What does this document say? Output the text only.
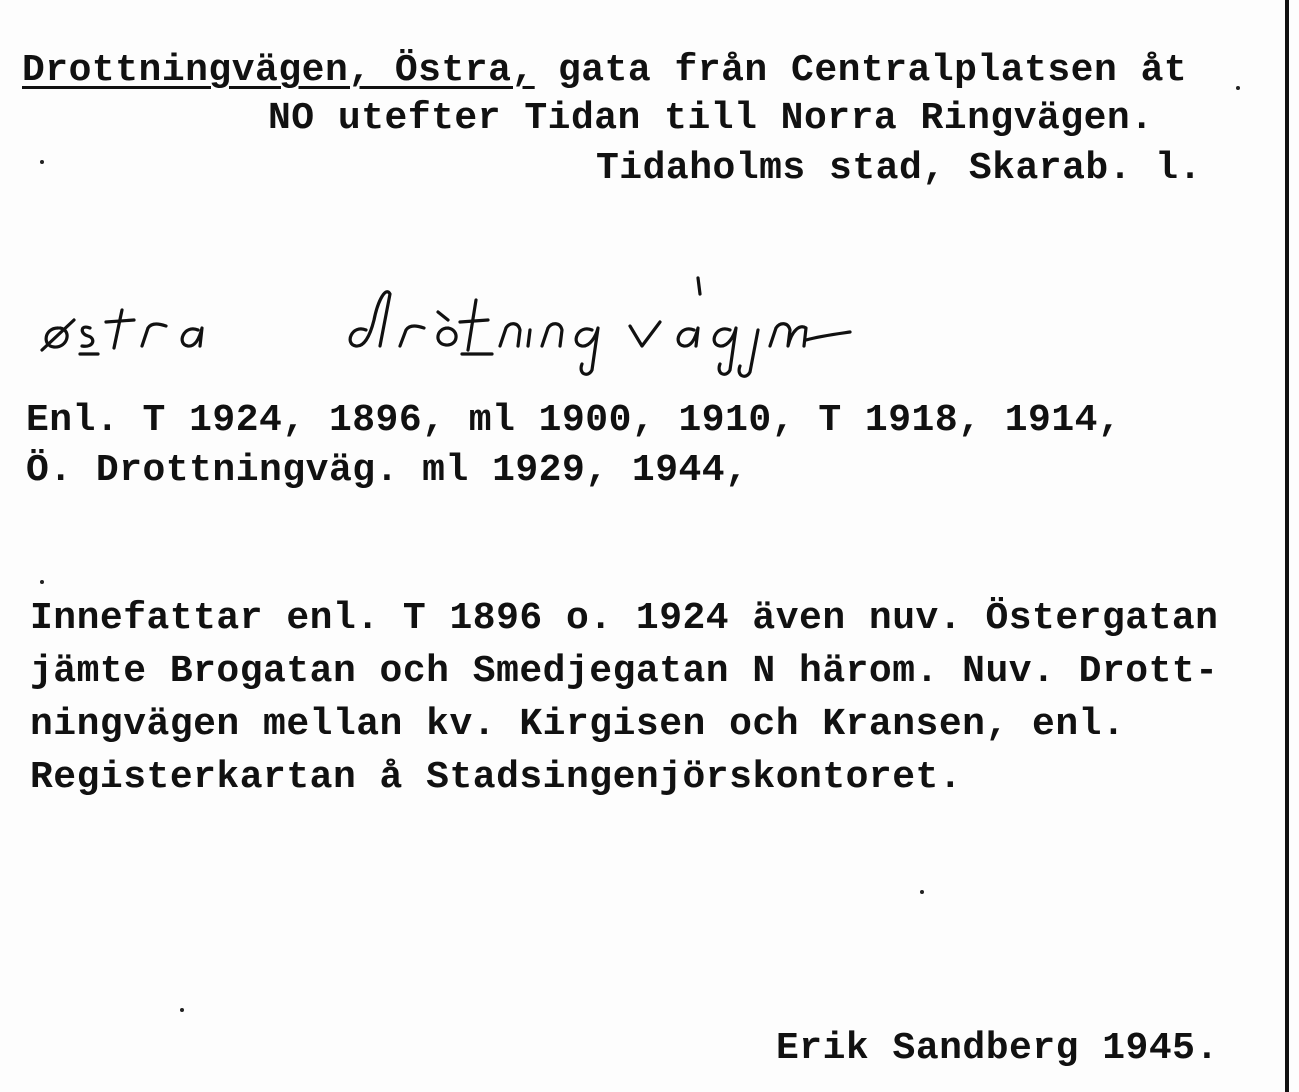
Drottningvägen, Östra, gata från Centralplatsen åt
NO utefter Tidan till Norra Ringvägen.
Tidaholms stad, Skarab. l.
Enl. T 1924, 1896, ml 1900, 1910, T 1918, 1914,
Ö. Drottningväg. ml 1929, 1944,
Innefattar enl. T 1896 o. 1924 även nuv. Östergatan
jämte Brogatan och Smedjegatan N härom. Nuv. Drott-
ningvägen mellan kv. Kirgisen och Kransen, enl.
Registerkartan å Stadsingenjörskontoret.
Erik Sandberg 1945.
